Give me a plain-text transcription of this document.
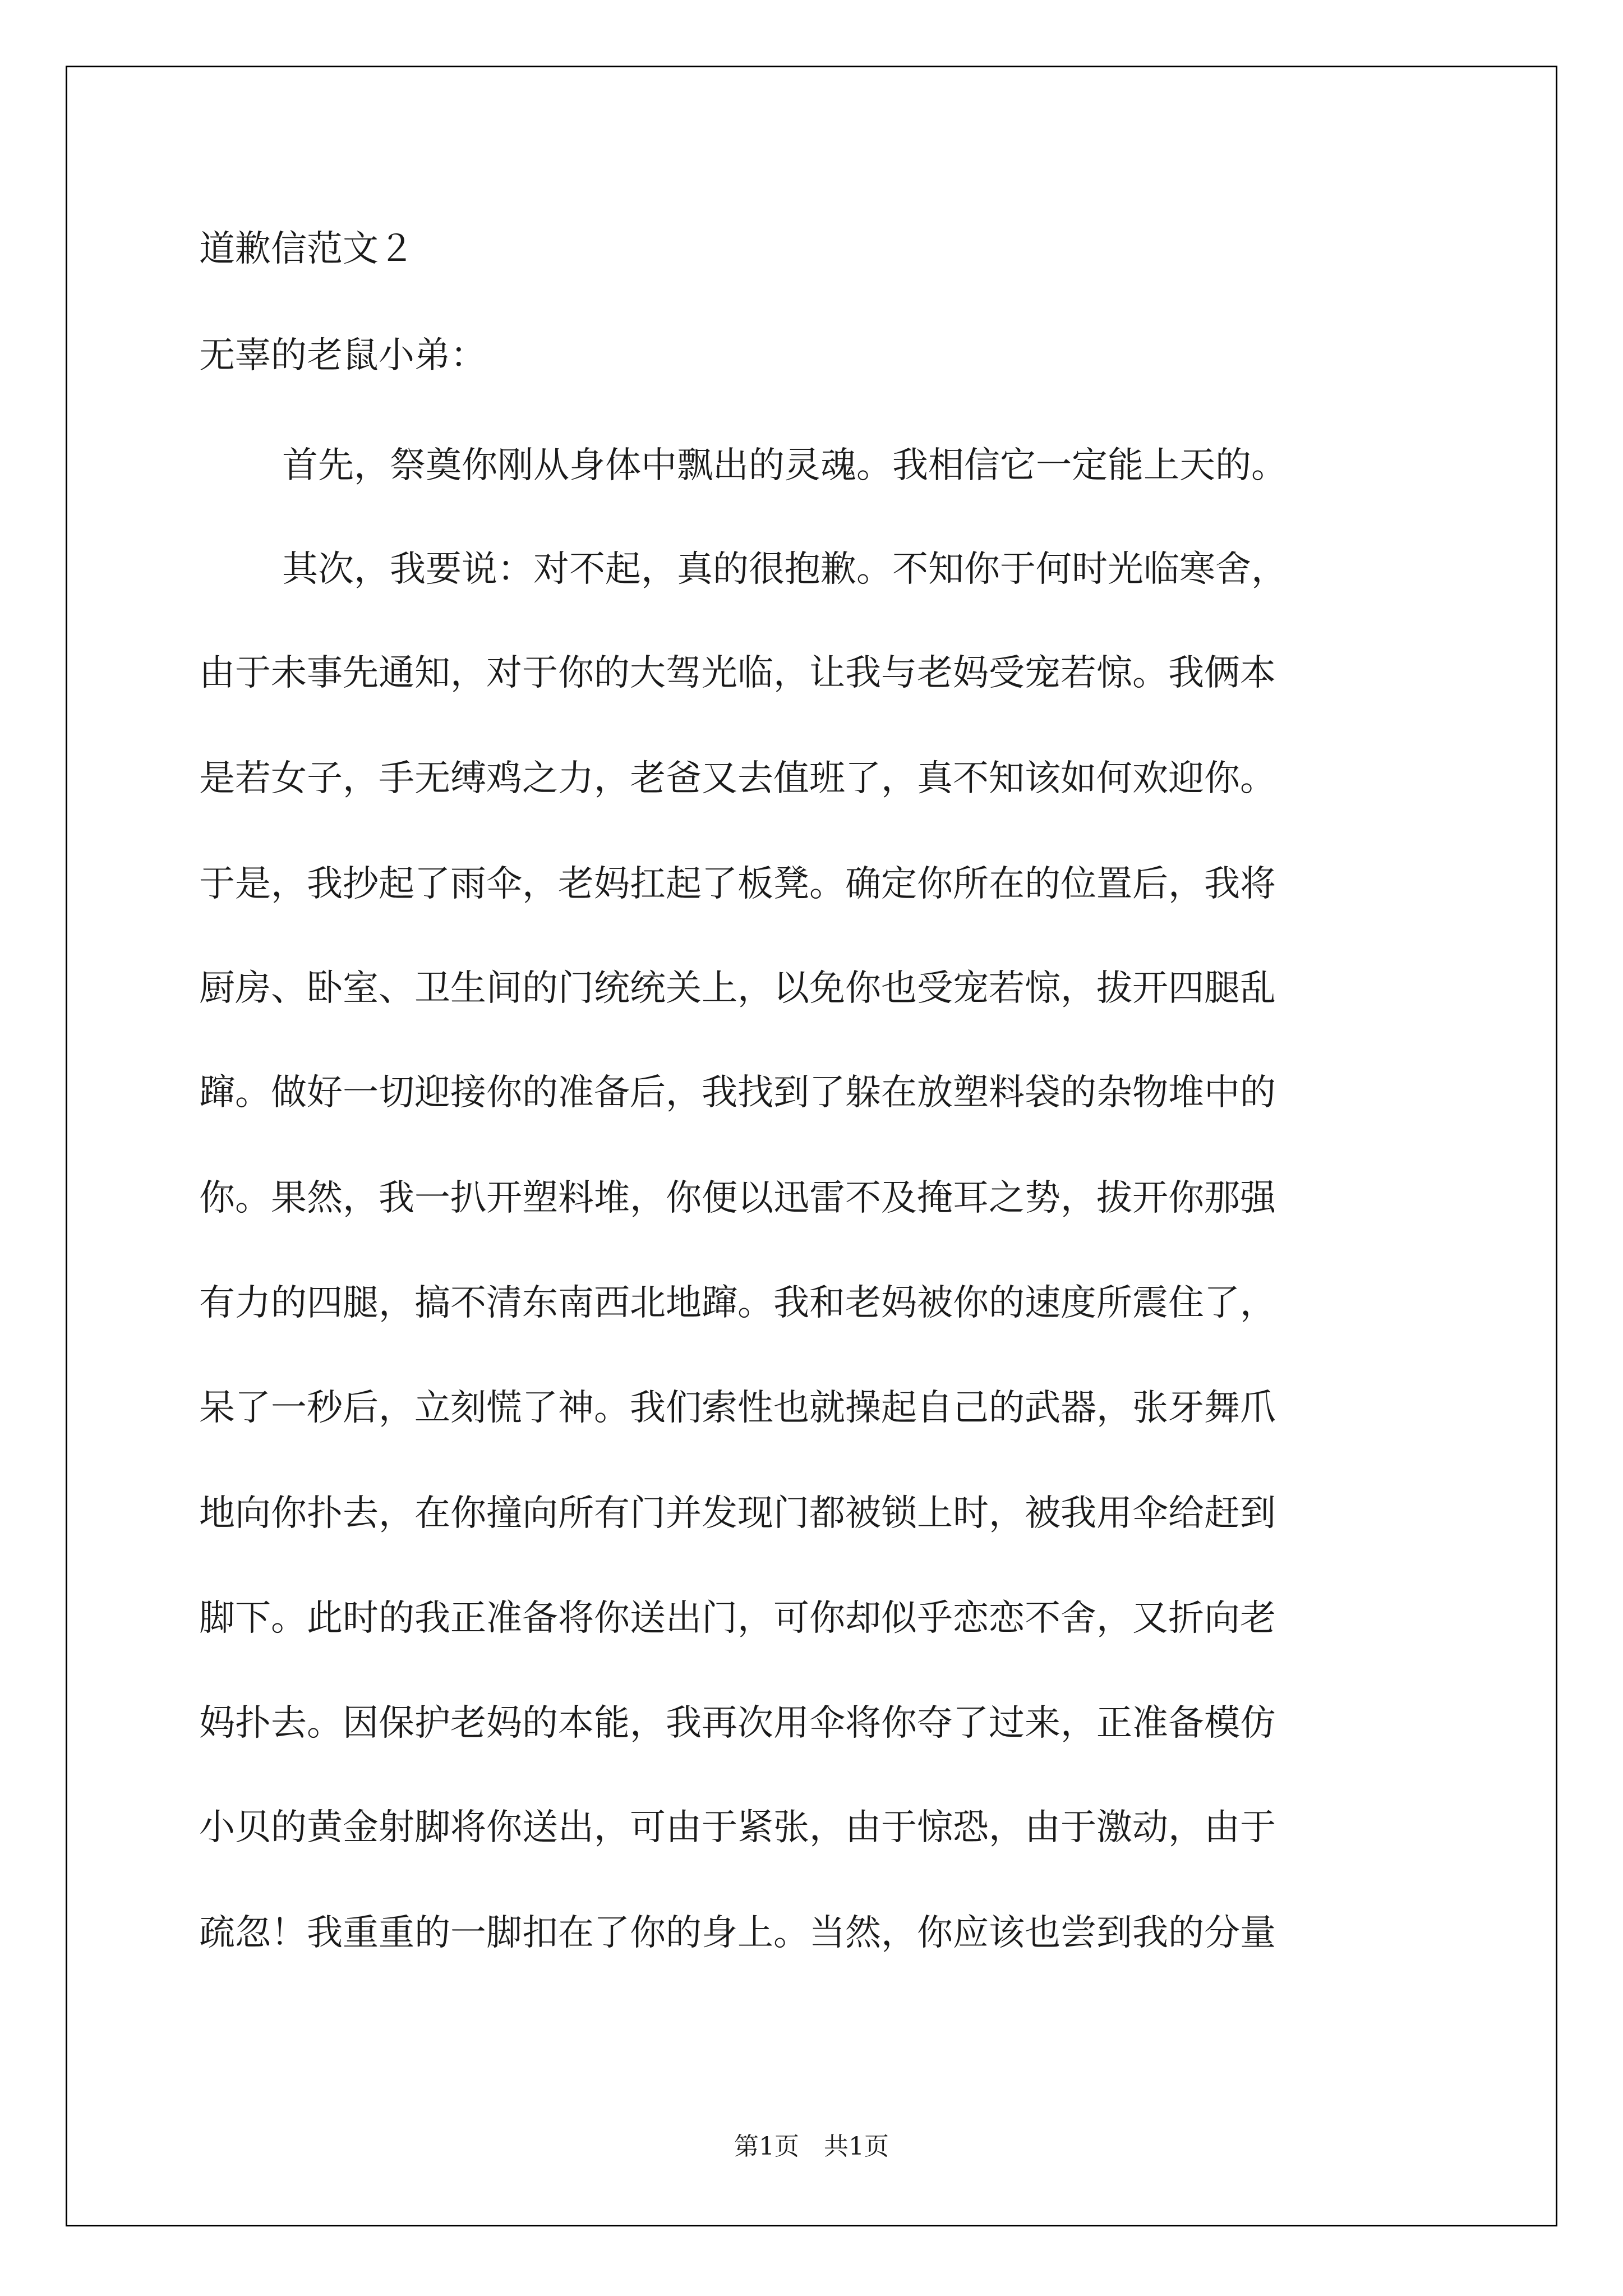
道歉信范文２
无辜的老鼠小弟：
首先，祭奠你刚从身体中飘出的灵魂。我相信它一定能上天的。
其次，我要说：对不起，真的很抱歉。不知你于何时光临寒舍，
由于未事先通知，对于你的大驾光临，让我与老妈受宠若惊。我俩本
是若女子，手无缚鸡之力，老爸又去值班了，真不知该如何欢迎你。
于是，我抄起了雨伞，老妈扛起了板凳。确定你所在的位置后，我将
厨房、卧室、卫生间的门统统关上，以免你也受宠若惊，拔开四腿乱
蹿。做好一切迎接你的准备后，我找到了躲在放塑料袋的杂物堆中的
你。果然，我一扒开塑料堆，你便以迅雷不及掩耳之势，拔开你那强
有力的四腿，搞不清东南西北地蹿。我和老妈被你的速度所震住了，
呆了一秒后，立刻慌了神。我们索性也就操起自己的武器，张牙舞爪
地向你扑去，在你撞向所有门并发现门都被锁上时，被我用伞给赶到
脚下。此时的我正准备将你送出门，可你却似乎恋恋不舍，又折向老
妈扑去。因保护老妈的本能，我再次用伞将你夺了过来，正准备模仿
小贝的黄金射脚将你送出，可由于紧张，由于惊恐，由于激动，由于
疏忽！我重重的一脚扣在了你的身上。当然，你应该也尝到我的分量
第1页　共1页
